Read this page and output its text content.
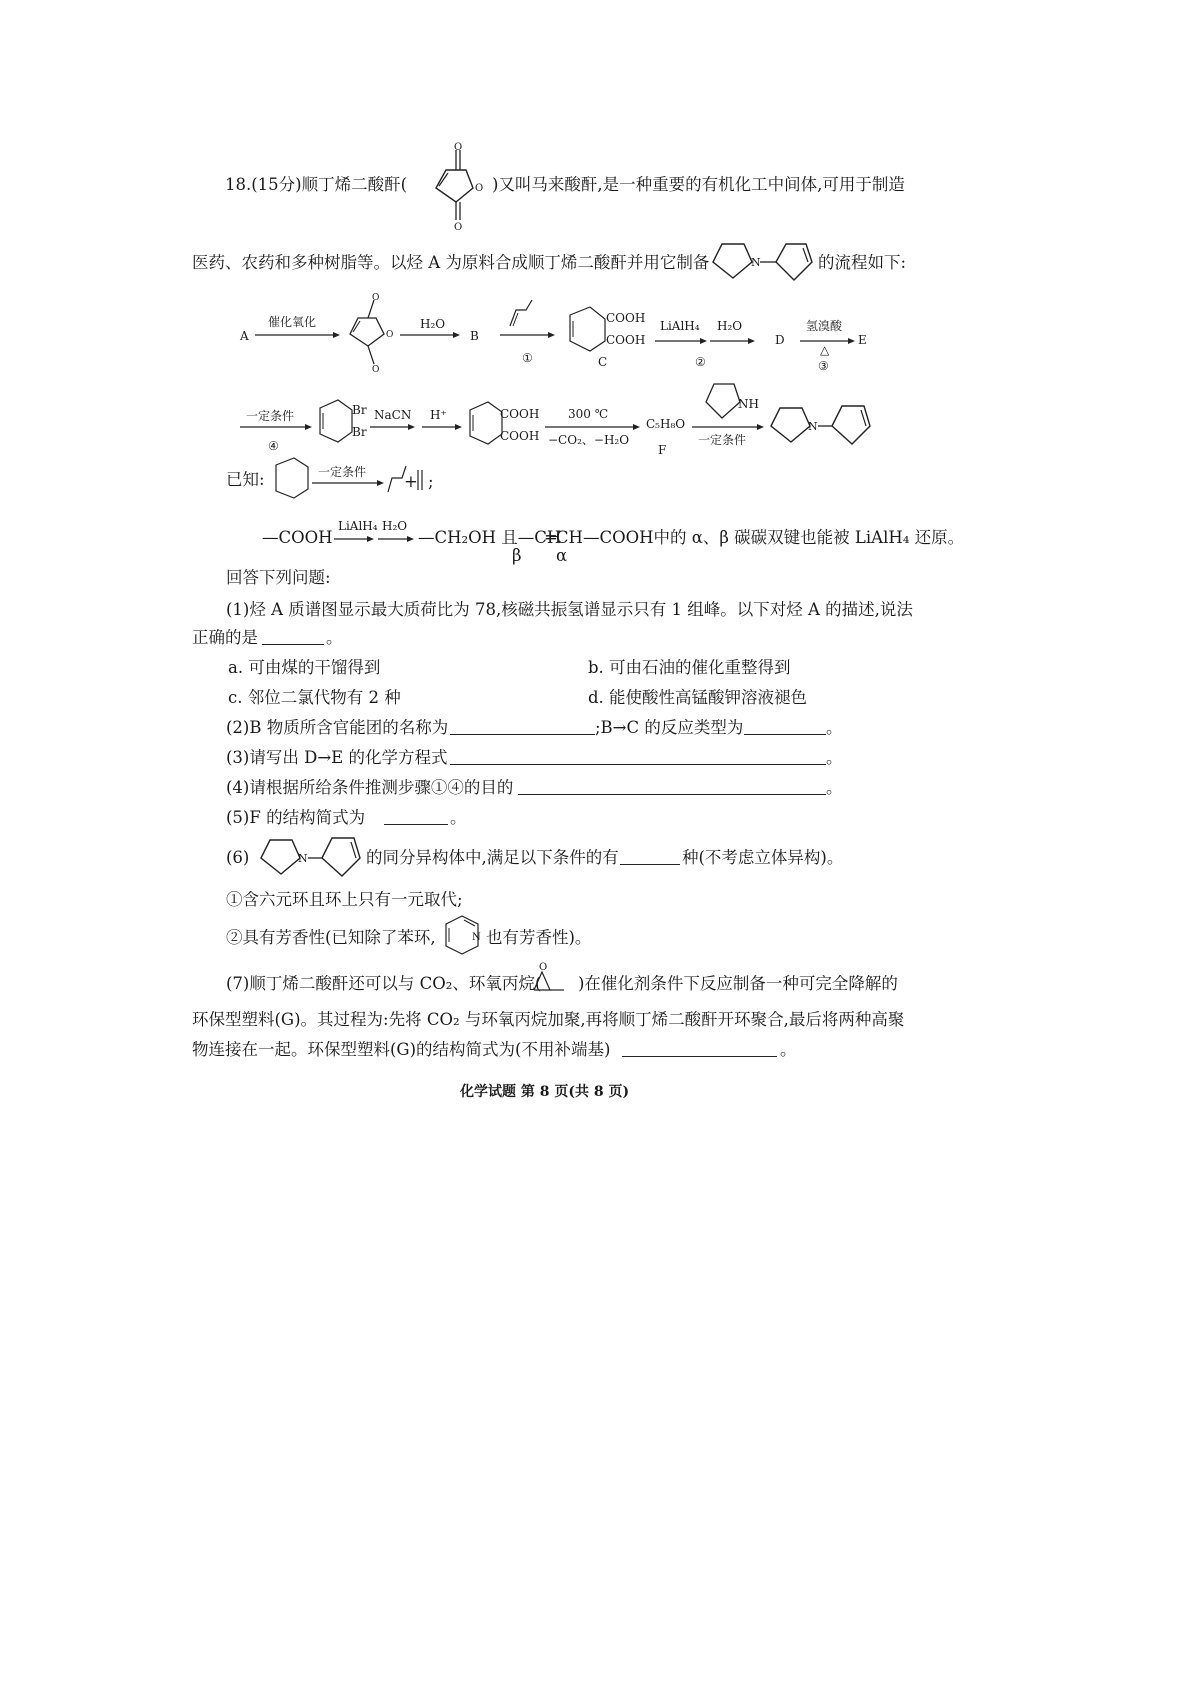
18.(15分)顺丁烯二酸酐(
O
O
O )又叫马来酸酐,是一种重要的有机化工中间体,可用于制造
医药、农药和多种树脂等。以烃 A 为原料合成顺丁烯二酸酐并用它制备	N	的流程如下:
A
催化氧化
O
O
O
H₂O
B
①
COOH
COOH
C
LiAlH₄ H₂O
②
D
氢溴酸
△
③
E
一定条件
④
Br
Br
NaCN H⁺	COOH
COOH
300 ℃
−CO₂、−H₂O
C₅H₈O
F
NH
一定条件
N
已知:	一定条件 + ;
—COOH
LiAlH₄ H₂O
—CH₂OH 且—CH
β
═CH—COOH中的 α、β 碳碳双键也能被 LiAlH₄ 还原。
α
回答下列问题:
(1)烃 A 质谱图显示最大质荷比为 78,核磁共振氢谱显示只有 1 组峰。以下对烃 A 的描述,说法
正确的是	。
a. 可由煤的干馏得到	b. 可由石油的催化重整得到
c. 邻位二氯代物有 2 种	d. 能使酸性高锰酸钾溶液褪色
(2)B 物质所含官能团的名称为	;B→C 的反应类型为	。
(3)请写出 D→E 的化学方程式	。
(4)请根据所给条件推测步骤①④的目的	。
(5)F 的结构简式为	。
(6)	N	的同分异构体中,满足以下条件的有	种(不考虑立体异构)。
①含六元环且环上只有一元取代;
②具有芳香性(已知除了苯环,	N 也有芳香性)。
(7)顺丁烯二酸酐还可以与 CO₂、环氧丙烷(
O
)在催化剂条件下反应制备一种可完全降解的
环保型塑料(G)。其过程为:先将 CO₂ 与环氧丙烷加聚,再将顺丁烯二酸酐开环聚合,最后将两种高聚
物连接在一起。环保型塑料(G)的结构简式为(不用补端基)	。
化学试题 第 8 页(共 8 页)
